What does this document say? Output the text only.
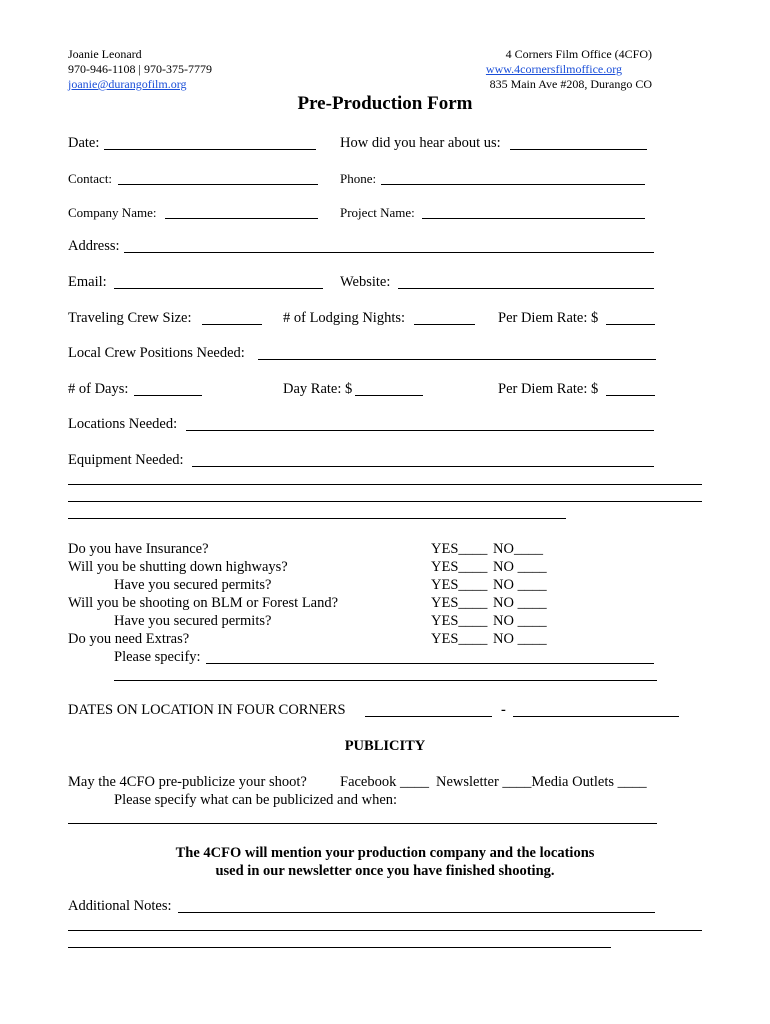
Joanie Leonard
970-946-1108 | 970-375-7779
joanie@durangofilm.org
4 Corners Film Office (4CFO)
www.4cornersfilmoffice.org
835 Main Ave #208, Durango CO
Pre-Production Form
Date:	How did you hear about us:
Contact:	Phone:
Company Name:	Project Name:
Address:
Email:	Website:
Traveling Crew Size:	# of Lodging Nights:	Per Diem Rate: $
Local Crew Positions Needed:
# of Days:	Day Rate: $	Per Diem Rate: $
Locations Needed:
Equipment Needed:
Do you have Insurance?	YES____ NO____
Will you be shutting down highways?	YES____ NO ____
Have you secured permits?	YES____ NO ____
Will you be shooting on BLM or Forest Land?	YES____ NO ____
Have you secured permits?	YES____ NO ____
Do you need Extras?	YES____ NO ____
Please specify:
DATES ON LOCATION IN FOUR CORNERS	-
PUBLICITY
May the 4CFO pre-publicize your shoot? Facebook ____ Newsletter ____Media Outlets ____
Please specify what can be publicized and when:
The 4CFO will mention your production company and the locations
used in our newsletter once you have finished shooting.
Additional Notes:
